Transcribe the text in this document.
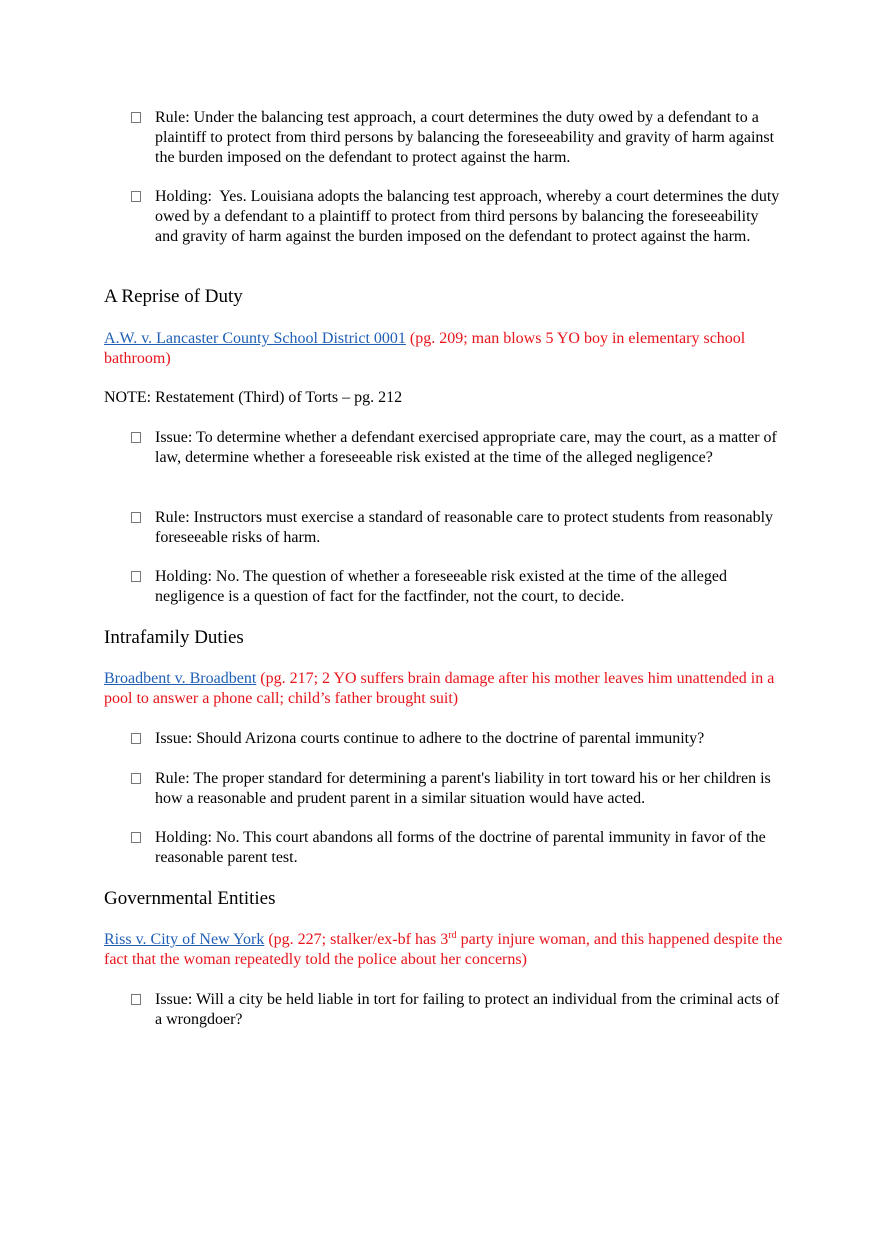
Rule: Under the balancing test approach, a court determines the duty owed by a defendant to a plaintiff to protect from third persons by balancing the foreseeability and gravity of harm against the burden imposed on the defendant to protect against the harm.
Holding: Yes. Louisiana adopts the balancing test approach, whereby a court determines the duty owed by a defendant to a plaintiff to protect from third persons by balancing the foreseeability and gravity of harm against the burden imposed on the defendant to protect against the harm.
A Reprise of Duty
A.W. v. Lancaster County School District 0001 (pg. 209; man blows 5 YO boy in elementary school bathroom)
NOTE: Restatement (Third) of Torts – pg. 212
Issue: To determine whether a defendant exercised appropriate care, may the court, as a matter of law, determine whether a foreseeable risk existed at the time of the alleged negligence?
Rule: Instructors must exercise a standard of reasonable care to protect students from reasonably foreseeable risks of harm.
Holding: No. The question of whether a foreseeable risk existed at the time of the alleged negligence is a question of fact for the factfinder, not the court, to decide.
Intrafamily Duties
Broadbent v. Broadbent (pg. 217; 2 YO suffers brain damage after his mother leaves him unattended in a pool to answer a phone call; child’s father brought suit)
Issue: Should Arizona courts continue to adhere to the doctrine of parental immunity?
Rule: The proper standard for determining a parent's liability in tort toward his or her children is how a reasonable and prudent parent in a similar situation would have acted.
Holding: No. This court abandons all forms of the doctrine of parental immunity in favor of the reasonable parent test.
Governmental Entities
Riss v. City of New York (pg. 227; stalker/ex-bf has 3rd party injure woman, and this happened despite the fact that the woman repeatedly told the police about her concerns)
Issue: Will a city be held liable in tort for failing to protect an individual from the criminal acts of a wrongdoer?
